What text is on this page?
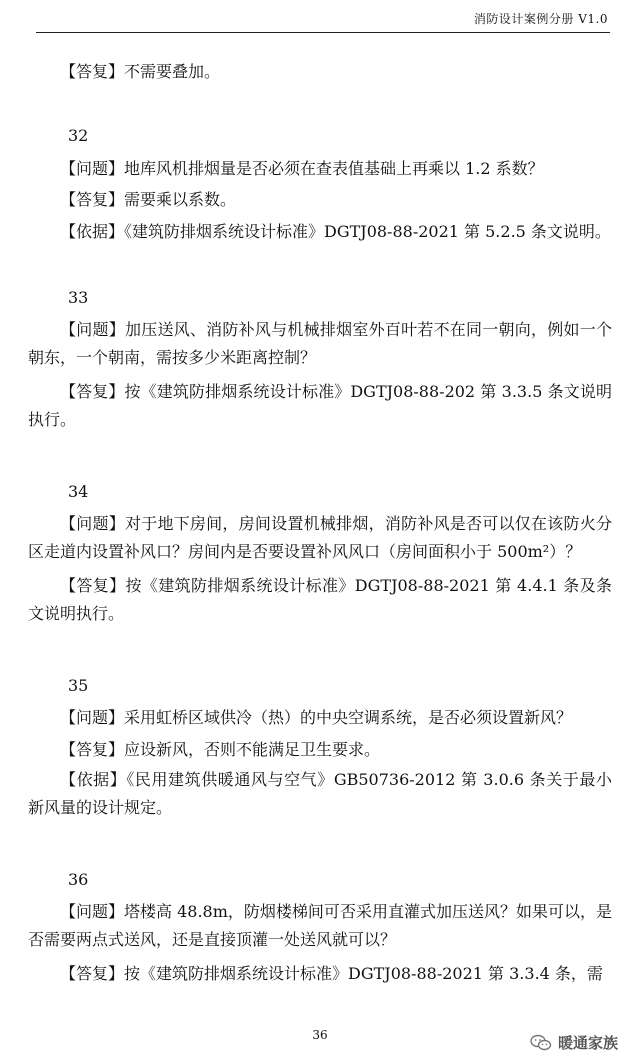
消防设计案例分册 V1.0
【答复】不需要叠加。
32
【问题】地库风机排烟量是否必须在查表值基础上再乘以 1.2 系数？
【答复】需要乘以系数。
【依据】《建筑防排烟系统设计标准》DGTJ08-88-2021 第 5.2.5 条文说明。
33
【问题】加压送风、消防补风与机械排烟室外百叶若不在同一朝向，例如一个朝东，一个朝南，需按多少米距离控制？
【答复】按《建筑防排烟系统设计标准》DGTJ08-88-202 第 3.3.5 条文说明执行。
34
【问题】对于地下房间，房间设置机械排烟，消防补风是否可以仅在该防火分区走道内设置补风口？房间内是否要设置补风风口（房间面积小于 500m²）？
【答复】按《建筑防排烟系统设计标准》DGTJ08-88-2021 第 4.4.1 条及条文说明执行。
35
【问题】采用虹桥区域供冷（热）的中央空调系统，是否必须设置新风？
【答复】应设新风，否则不能满足卫生要求。
【依据】《民用建筑供暖通风与空气》GB50736-2012 第 3.0.6 条关于最小新风量的设计规定。
36
【问题】塔楼高 48.8m，防烟楼梯间可否采用直灌式加压送风？如果可以，是否需要两点式送风，还是直接顶灌一处送风就可以？
【答复】按《建筑防排烟系统设计标准》DGTJ08-88-2021 第 3.3.4 条，需
36	暖通家族
